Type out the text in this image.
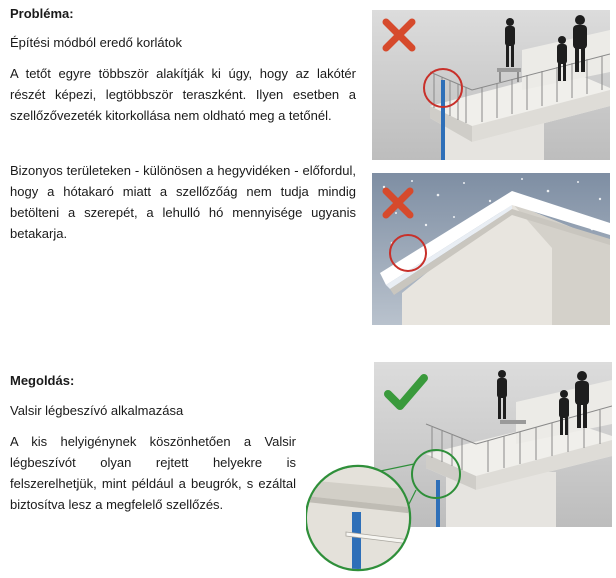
Probléma:
Építési módból eredő korlátok
A tetőt egyre többször alakítják ki úgy, hogy az lakótér részét képezi, legtöbbször teraszként. Ilyen esetben a szellőzővezeték kitorkollása nem oldható meg a tetőnél.
Bizonyos területeken - különösen a hegyvidéken - előfordul, hogy a hótakaró miatt a szellőzőág nem tudja mindig betölteni a szerepét, a lehulló hó mennyisége ugyanis betakarja.
Megoldás:
Valsir légbeszívó alkalmazása
A kis helyigénynek köszönhetően a Valsir légbeszívót olyan rejtett helyekre is felszerelhetjük, mint például a beugrók, s ezáltal biztosítva lesz a megfelelő szellőzés.
